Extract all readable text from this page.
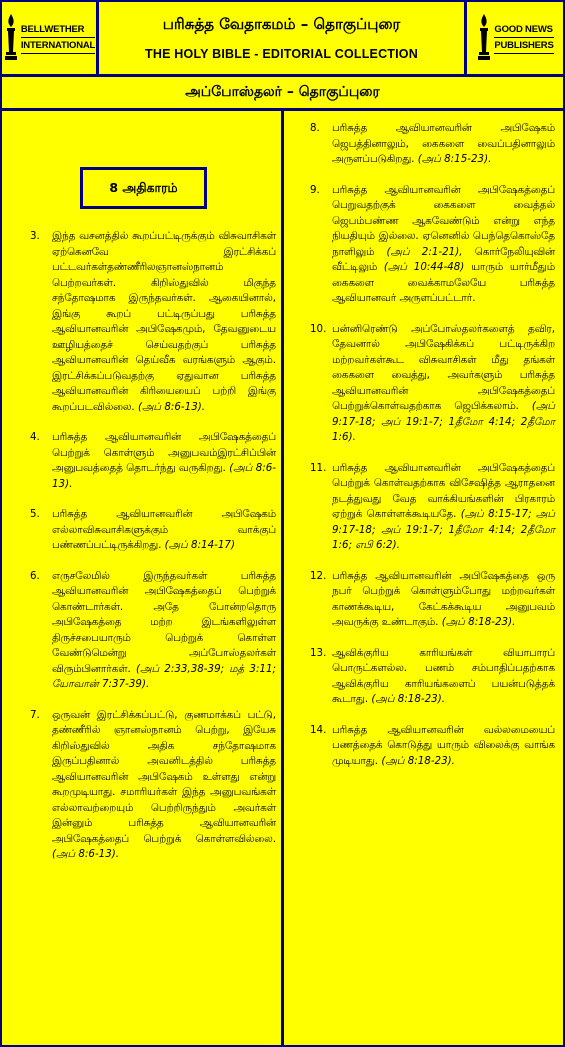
BELLWETHER
INTERNATIONAL
பரிசுத்த வேதாகமம் – தொகுப்புரை
THE HOLY BIBLE - EDITORIAL COLLECTION
GOOD NEWS
PUBLISHERS
அப்போஸ்தலர் – தொகுப்புரை
8 அதிகாரம்
3.	இந்த வசனத்தில் கூறப்பட்டிருக்கும் விசுவாசிகள் ஏற்கெனவே இரட்சிக்கப் பட்டவர்கள்தண்ணீரிலஞானஸ்நானம் பெற்றவர்கள். கிறிஸ்துவில் மிகுந்த சந்தோஷமாக இருந்தவர்கள். ஆகையினால், இங்கு கூறப் பட்டிருப்பது பரிசுத்த ஆவியானவரின் அபிஷேகமும், தேவனுடைய ஊழியத்தைச் செய்வதற்குப் பரிசுத்த ஆவியானவரின் தெய்வீக வரங்களும் ஆகும். இரட்சிக்கப்படுவதற்கு ஏதுவான பரிசுத்த ஆவியானவரின் கிரியையைப் பற்றி இங்கு கூறப்படவில்லை. (அப் 8:6-13).
4.	பரிசுத்த ஆவியானவரின் அபிஷேகத்தைப் பெற்றுக் கொள்ளும் அனுபவம்இரட்சிப்பின் அனுபவத்தைத் தொடர்ந்து வருகிறது. (அப் 8:6-13).
5.	பரிசுத்த ஆவியானவரின் அபிஷேகம் எல்லாவிசுவாசிகளுக்கும் வாக்குப் பண்ணப்பட்டிருக்கிறது. (அப் 8:14-17)
6.	எருசலேமில் இருந்தவர்கள் பரிசுத்த ஆவியானவரின் அபிஷேகத்தைப் பெற்றுக் கொண்டார்கள். அதே போன்றதொரு அபிஷேகத்தை மற்ற இடங்களிலுள்ள திருச்சபையாரும் பெற்றுக் கொள்ள வேண்டுமென்று அப்போஸ்தலர்கள் விரும்பினார்கள். (அப் 2:33,38-39; மத் 3:11; யோவான் 7:37-39).
7.	ஒருவன் இரட்சிக்கப்பட்டு, குணமாக்கப் பட்டு, தண்ணீரில் ஞானஸ்நானம் பெற்று, இயேசு கிறிஸ்துவில் அதிக சந்தோஷமாக இருப்பதினால் அவனிடத்தில் பரிசுத்த ஆவியானவரின் அபிஷேகம் உள்ளது என்று கூறமுடியாது. சமாரியர்கள் இந்த அனுபவங்கள் எல்லாவற்றையும் பெற்றிருந்தும் அவர்கள் இன்னும் பரிசுத்த ஆவியானவரின் அபிஷேகத்தைப் பெற்றுக் கொள்ளவில்லை. (அப் 8:6-13).
8.	பரிசுத்த ஆவியானவரின் அபிஷேகம் ஜெபத்தினாலும், கைகளை வைப்பதினாலும் அருளப்படுகிறது. (அப் 8:15-23).
9.	பரிசுத்த ஆவியானவரின் அபிஷேகத்தைப் பெறுவதற்குக் கைகளை வைத்தல் ஜெபம்பண்ண ஆகவேண்டும் என்று எந்த நியதியும் இல்லை. ஏனெனில் பெந்தெகொஸ்தே நாளிலும் (அப் 2:1-21), கொர்நேலியுவின் வீட்டிலும் (அப் 10:44-48) யாரும் யார்மீதும் கைகளை வைக்காமலேயே பரிசுத்த ஆவியானவர் அருளப்பட்டார்.
10. பன்னிரெண்டு அப்போஸ்தலர்களைத் தவிர, தேவனால் அபிஷேகிக்கப் பட்டிருக்கிற மற்றவர்கள்கூட விசுவாசிகள் மீது தங்கள் கைகளை வைத்து, அவர்களும் பரிசுத்த ஆவியானவரின் அபிஷேகத்தைப் பெற்றுக்கொள்வதற்காக ஜெபிக்கலாம். (அப் 9:17-18; அப் 19:1-7; 1தீமோ 4:14; 2தீமோ 1:6).
11. பரிசுத்த ஆவியானவரின் அபிஷேகத்தைப் பெற்றுக் கொள்வதற்காக விசேஷித்த ஆராதனை நடத்துவது வேத வாக்கியங்களின் பிரகாரம் ஏற்றுக் கொள்ளக்கூடியதே. (அப் 8:15-17; அப் 9:17-18; அப் 19:1-7; 1தீமோ 4:14; 2தீமோ 1:6; எபி 6:2).
12. பரிசுத்த ஆவியானவரின் அபிஷேகத்தை ஒரு நபர் பெற்றுக் கொள்ளும்போது மற்றவர்கள் காணக்கூடிய, கேட்கக்கூடிய அனுபவம் அவருக்கு உண்டாகும். (அப் 8:18-23).
13. ஆவிக்குரிய காரியங்கள் வியாபாரப் பொருட்களல்ல. பணம் சம்பாதிப்பதற்காக ஆவிக்குரிய காரியங்களைப் பயன்படுத்தக் கூடாது. (அப் 8:18-23).
14. பரிசுத்த ஆவியானவரின் வல்லமையைப் பணத்தைக் கொடுத்து யாரும் விலைக்கு வாங்க முடியாது. (அப் 8:18-23).
